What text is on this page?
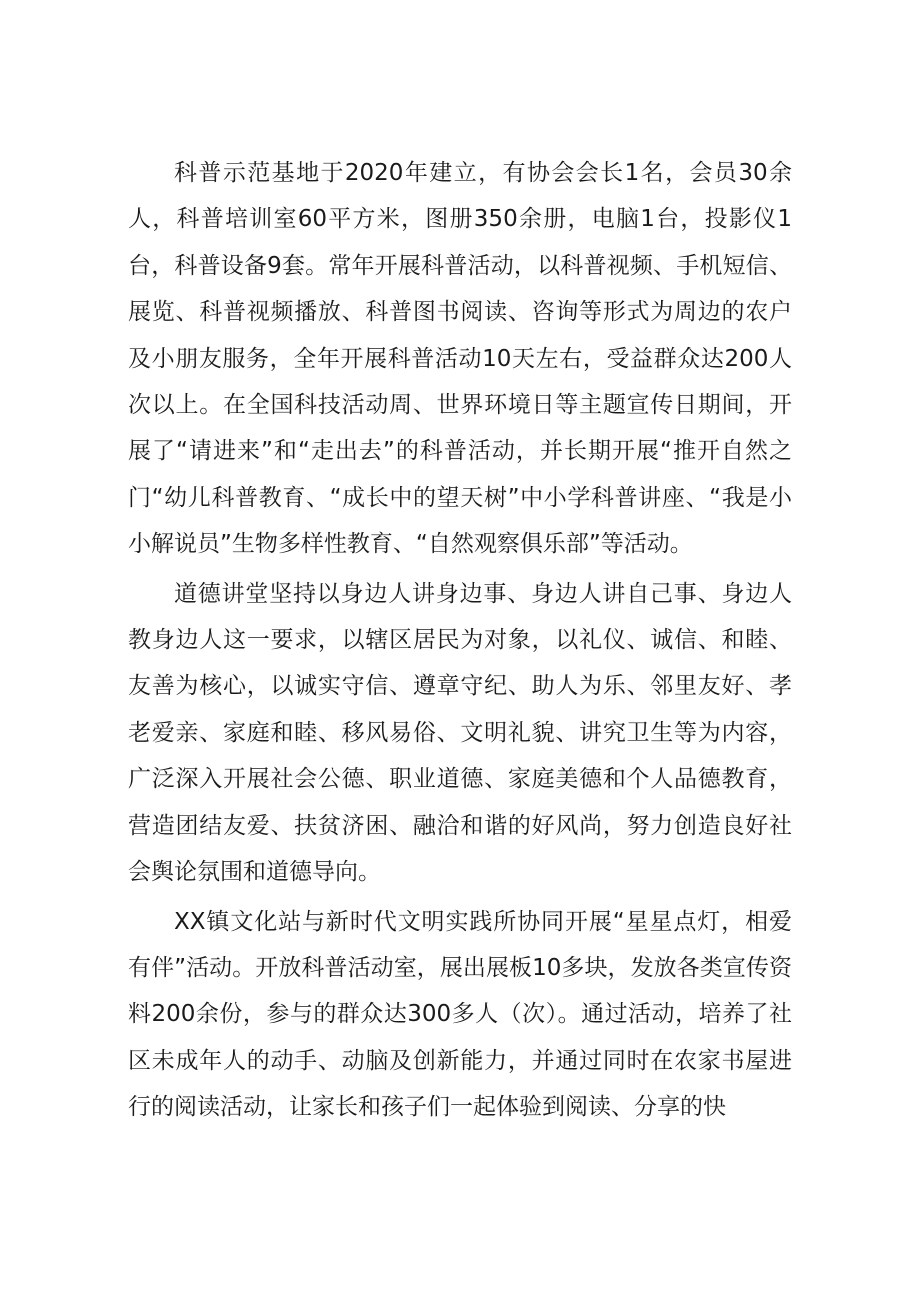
科普示范基地于2020年建立，有协会会长1名，会员30余人，科普培训室60平方米，图册350余册，电脑1台，投影仪1台，科普设备9套。常年开展科普活动，以科普视频、手机短信、展览、科普视频播放、科普图书阅读、咨询等形式为周边的农户及小朋友服务，全年开展科普活动10天左右，受益群众达200人次以上。在全国科技活动周、世界环境日等主题宣传日期间，开展了“请进来”和“走出去”的科普活动，并长期开展“推开自然之门“幼儿科普教育、“成长中的望天树”中小学科普讲座、“我是小小解说员”生物多样性教育、“自然观察俱乐部”等活动。

道德讲堂坚持以身边人讲身边事、身边人讲自己事、身边人教身边人这一要求，以辖区居民为对象，以礼仪、诚信、和睦、友善为核心，以诚实守信、遵章守纪、助人为乐、邻里友好、孝老爱亲、家庭和睦、移风易俗、文明礼貌、讲究卫生等为内容，广泛深入开展社会公德、职业道德、家庭美德和个人品德教育，营造团结友爱、扶贫济困、融洽和谐的好风尚，努力创造良好社会舆论氛围和道德导向。

XX镇文化站与新时代文明实践所协同开展“星星点灯，相爱有伴”活动。开放科普活动室，展出展板10多块，发放各类宣传资料200余份，参与的群众达300多人（次）。通过活动，培养了社区未成年人的动手、动脑及创新能力，并通过同时在农家书屋进行的阅读活动，让家长和孩子们一起体验到阅读、分享的快
